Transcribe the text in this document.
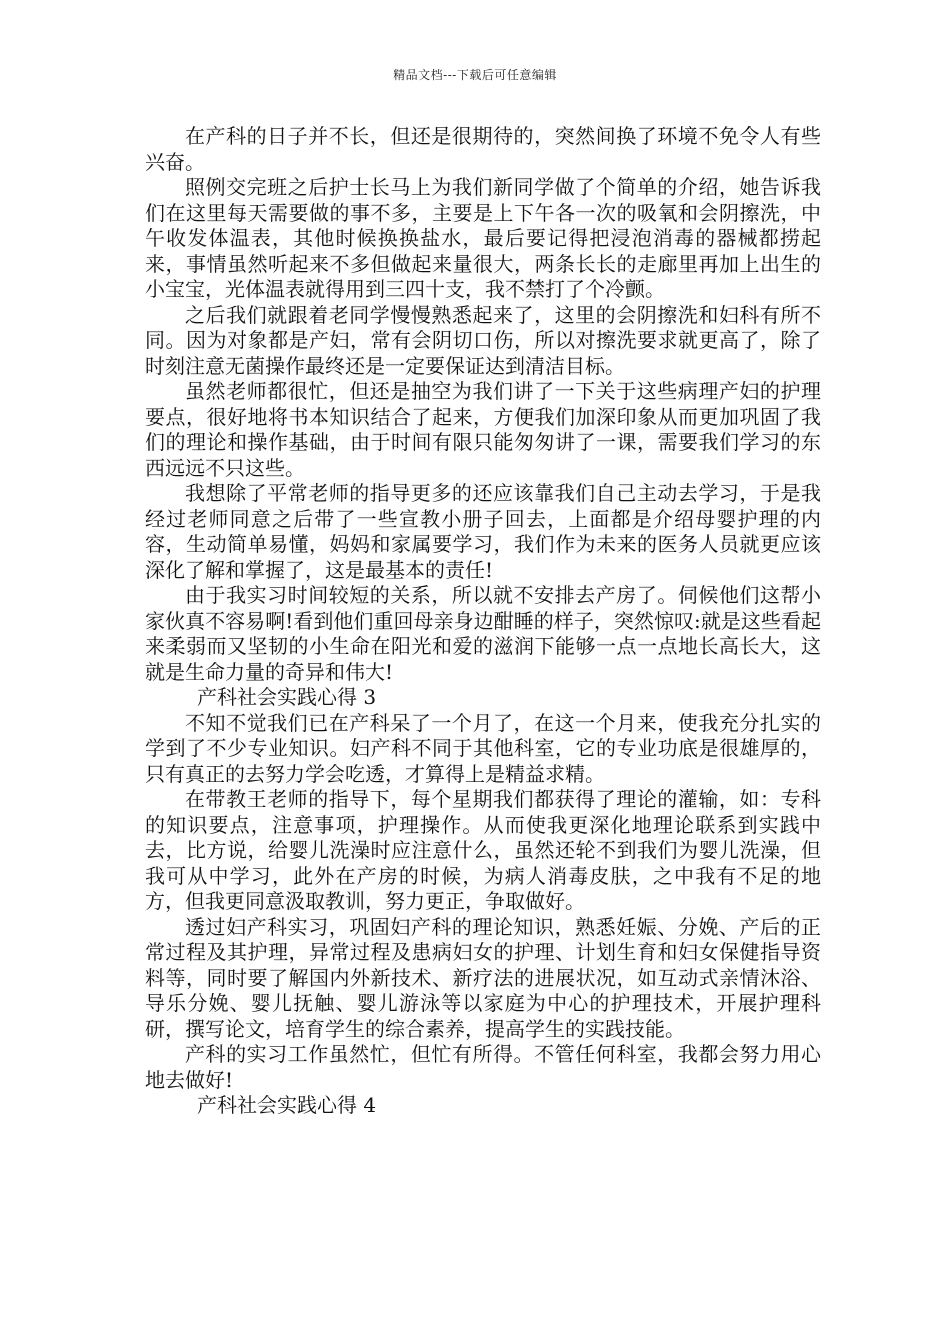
精品文档---下载后可任意编辑

在产科的日子并不长，但还是很期待的，突然间换了环境不免令人有些兴奋。

照例交完班之后护士长马上为我们新同学做了个简单的介绍，她告诉我们在这里每天需要做的事不多，主要是上下午各一次的吸氧和会阴擦洗，中午收发体温表，其他时候换换盐水，最后要记得把浸泡消毒的器械都捞起来，事情虽然听起来不多但做起来量很大，两条长长的走廊里再加上出生的小宝宝，光体温表就得用到三四十支，我不禁打了个冷颤。

之后我们就跟着老同学慢慢熟悉起来了，这里的会阴擦洗和妇科有所不同。因为对象都是产妇，常有会阴切口伤，所以对擦洗要求就更高了，除了时刻注意无菌操作最终还是一定要保证达到清洁目标。

虽然老师都很忙，但还是抽空为我们讲了一下关于这些病理产妇的护理要点，很好地将书本知识结合了起来，方便我们加深印象从而更加巩固了我们的理论和操作基础，由于时间有限只能匆匆讲了一课，需要我们学习的东西远远不只这些。

我想除了平常老师的指导更多的还应该靠我们自己主动去学习，于是我经过老师同意之后带了一些宣教小册子回去，上面都是介绍母婴护理的内容，生动简单易懂，妈妈和家属要学习，我们作为未来的医务人员就更应该深化了解和掌握了，这是最基本的责任!

由于我实习时间较短的关系，所以就不安排去产房了。伺候他们这帮小家伙真不容易啊!看到他们重回母亲身边酣睡的样子，突然惊叹:就是这些看起来柔弱而又坚韧的小生命在阳光和爱的滋润下能够一点一点地长高长大，这就是生命力量的奇异和伟大!

产科社会实践心得 3

不知不觉我们已在产科呆了一个月了，在这一个月来，使我充分扎实的学到了不少专业知识。妇产科不同于其他科室，它的专业功底是很雄厚的，只有真正的去努力学会吃透，才算得上是精益求精。

在带教王老师的指导下，每个星期我们都获得了理论的灌输，如：专科的知识要点，注意事项，护理操作。从而使我更深化地理论联系到实践中去，比方说，给婴儿洗澡时应注意什么，虽然还轮不到我们为婴儿洗澡，但我可从中学习，此外在产房的时候，为病人消毒皮肤，之中我有不足的地方，但我更同意汲取教训，努力更正，争取做好。

透过妇产科实习，巩固妇产科的理论知识，熟悉妊娠、分娩、产后的正常过程及其护理，异常过程及患病妇女的护理、计划生育和妇女保健指导资料等，同时要了解国内外新技术、新疗法的进展状况，如互动式亲情沐浴、导乐分娩、婴儿抚触、婴儿游泳等以家庭为中心的护理技术，开展护理科研，撰写论文，培育学生的综合素养，提高学生的实践技能。

产科的实习工作虽然忙，但忙有所得。不管任何科室，我都会努力用心地去做好!

产科社会实践心得 4
